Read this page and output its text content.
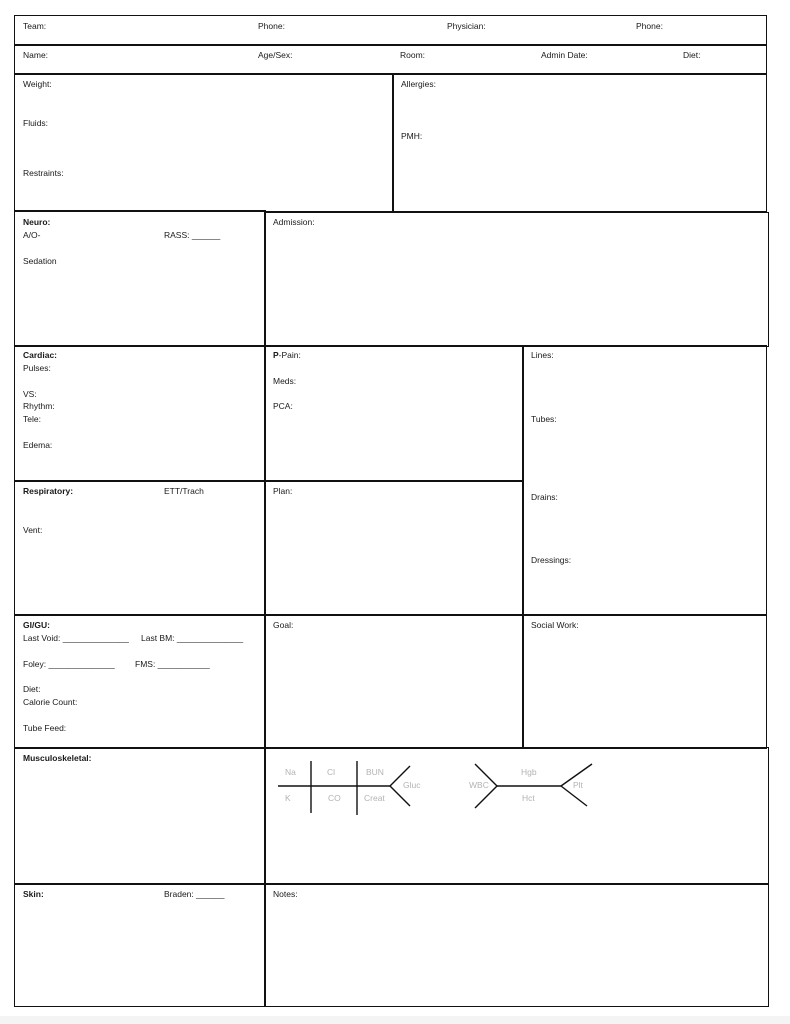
Team:	Phone:	Physician:	Phone:
Name:	Age/Sex:	Room:	Admin Date:	Diet:
Weight:
Fluids:
Restraints:
Allergies:
PMH:
Neuro:
A/O-	RASS: ______
Sedation
Admission:
Cardiac:
Pulses:
VS:
Rhythm:
Tele:
Edema:
P-Pain:
Meds:
PCA:
Lines:
Tubes:
Drains:
Dressings:
Respiratory:	ETT/Trach
Vent:
Plan:
GI/GU:
Last Void: ______________ Last BM: ______________
Foley: ______________ FMS: ___________
Diet:
Calorie Count:
Tube Feed:
Goal:	Social Work:
Musculoskeletal:
Na	Cl	BUN
K	CO	Creat
Gluc	WBC
Hgb
Hct
Plt
Skin:	Braden: ______	Notes:
